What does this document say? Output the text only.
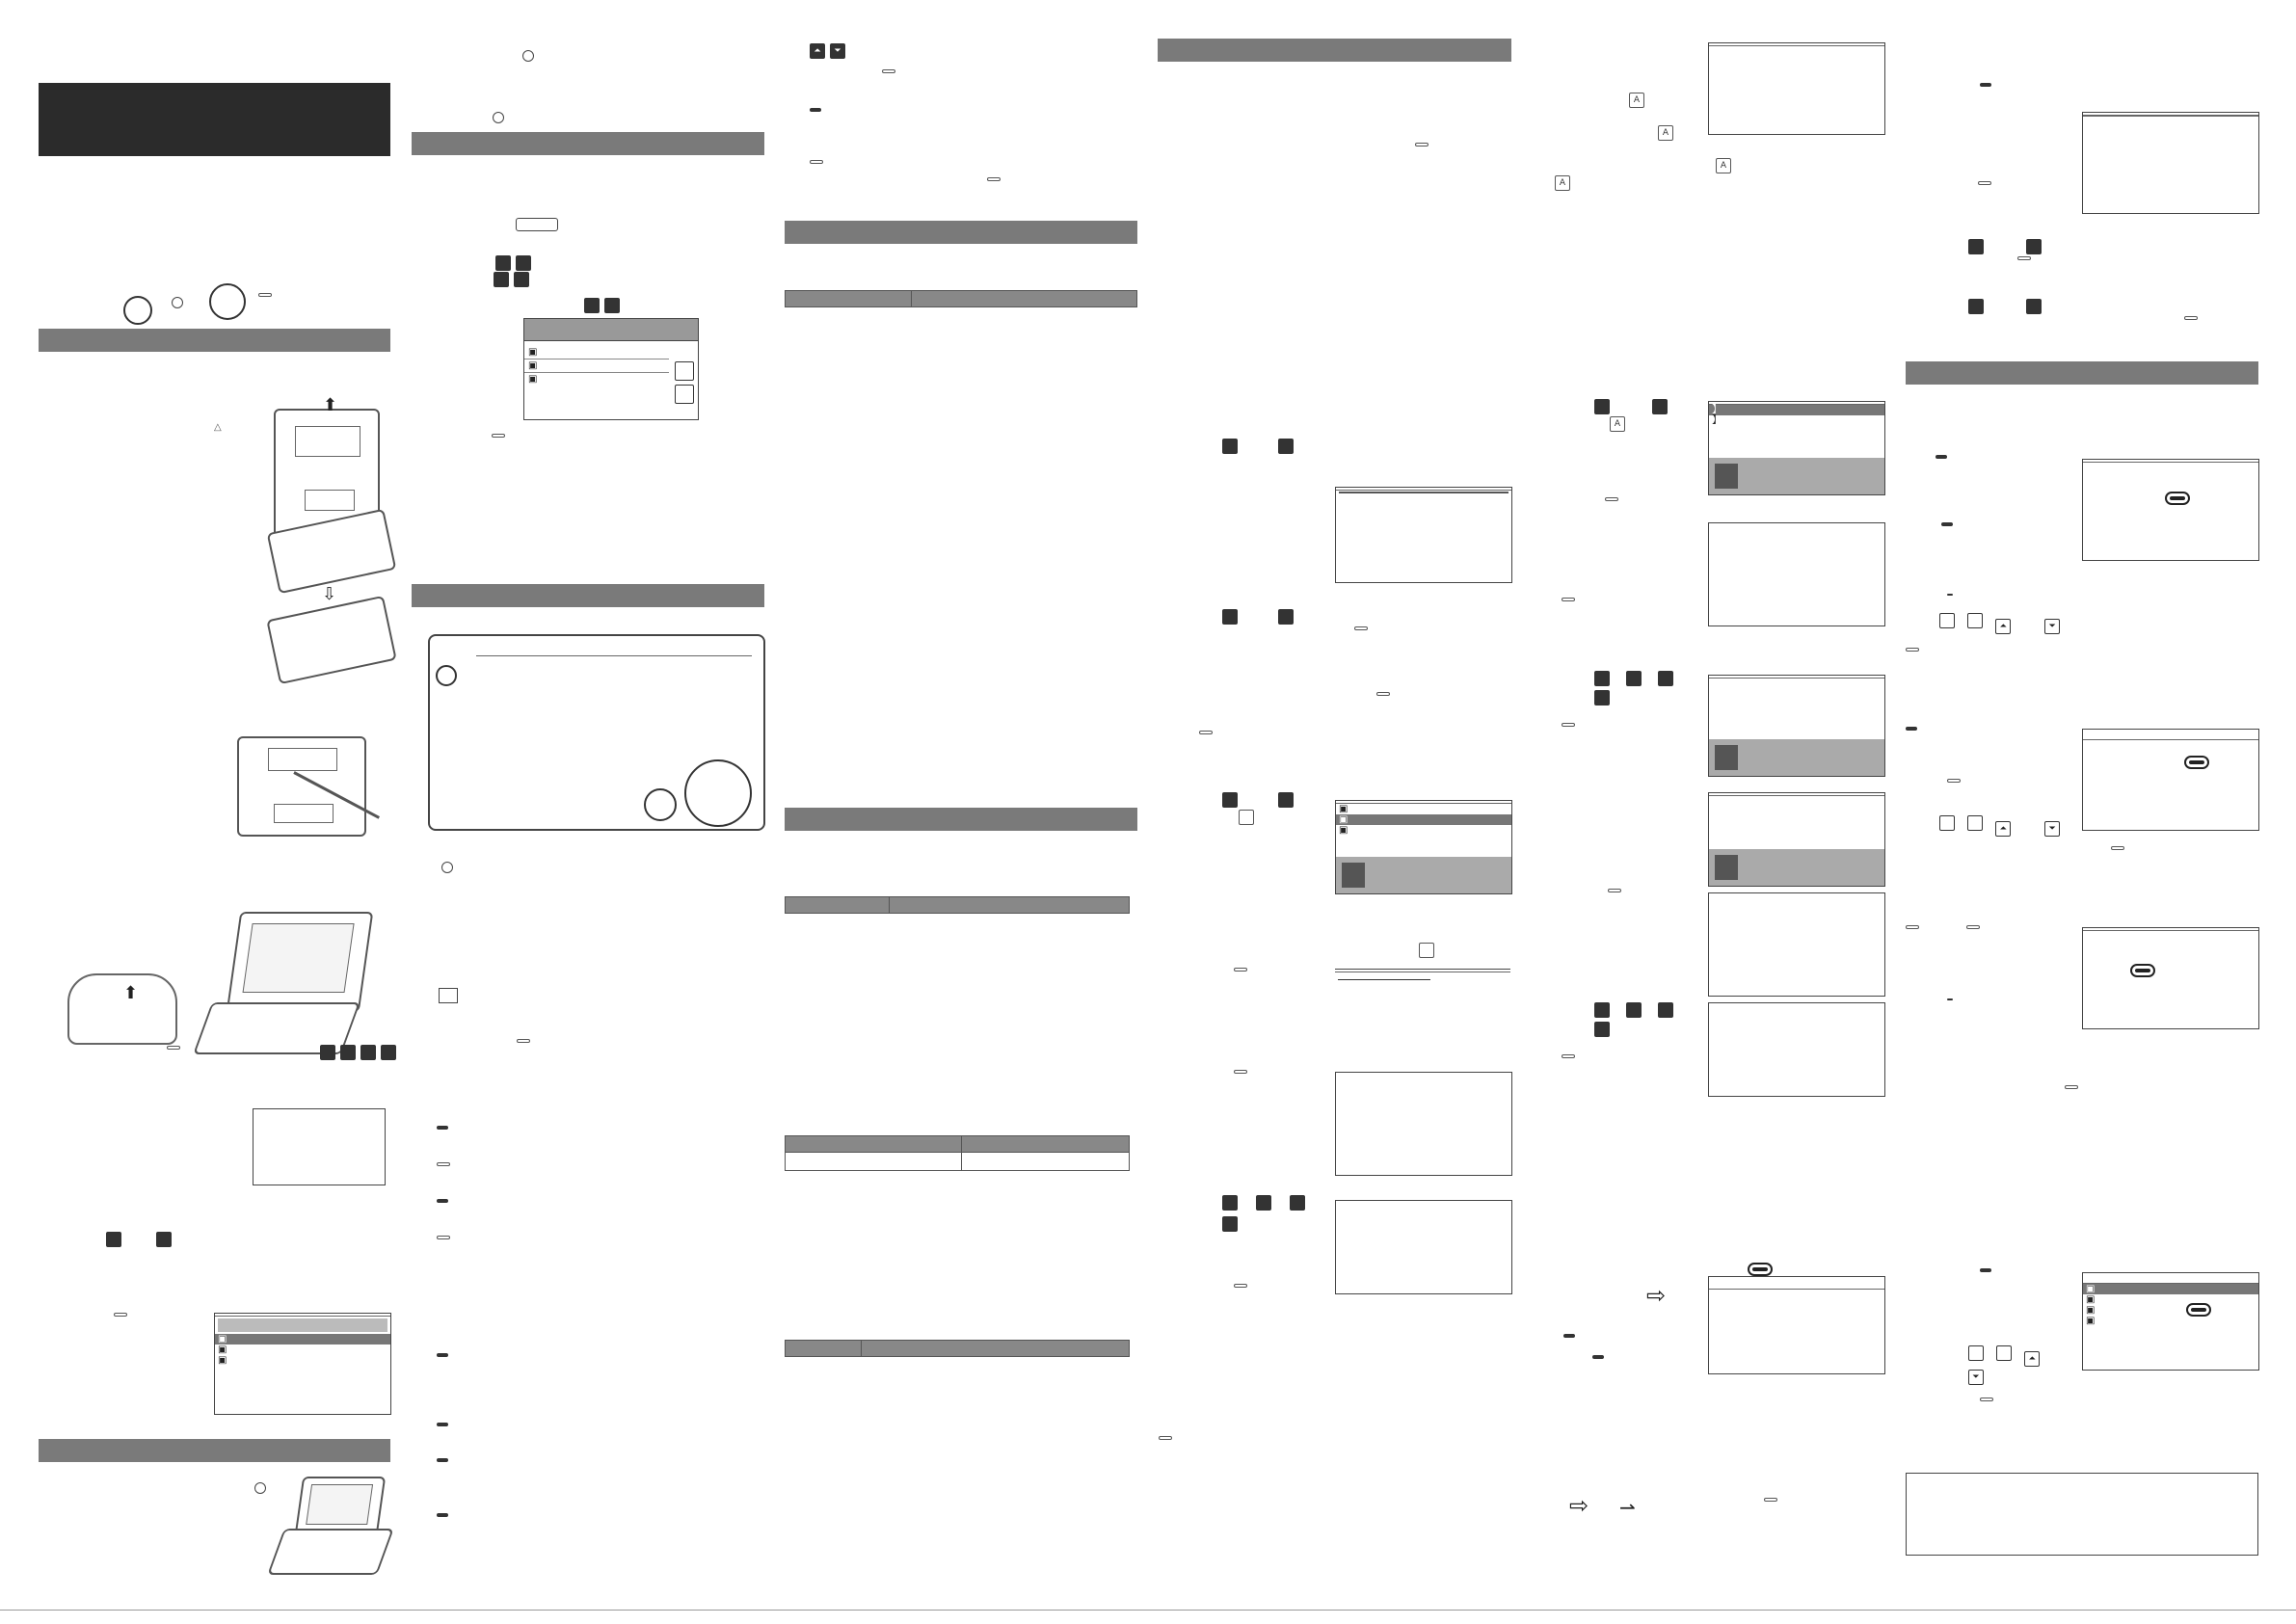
⬆
△
⇩
⬆

▣
▣
▣

▣
▣
▣
⏶ ⏷

▣
▣
▣

A
A
A
A
A
】
】

⇨
⇨ ⇀
⏶	⏷
⏶	⏷
▣
▣
▣
▣
⏶
⏷
